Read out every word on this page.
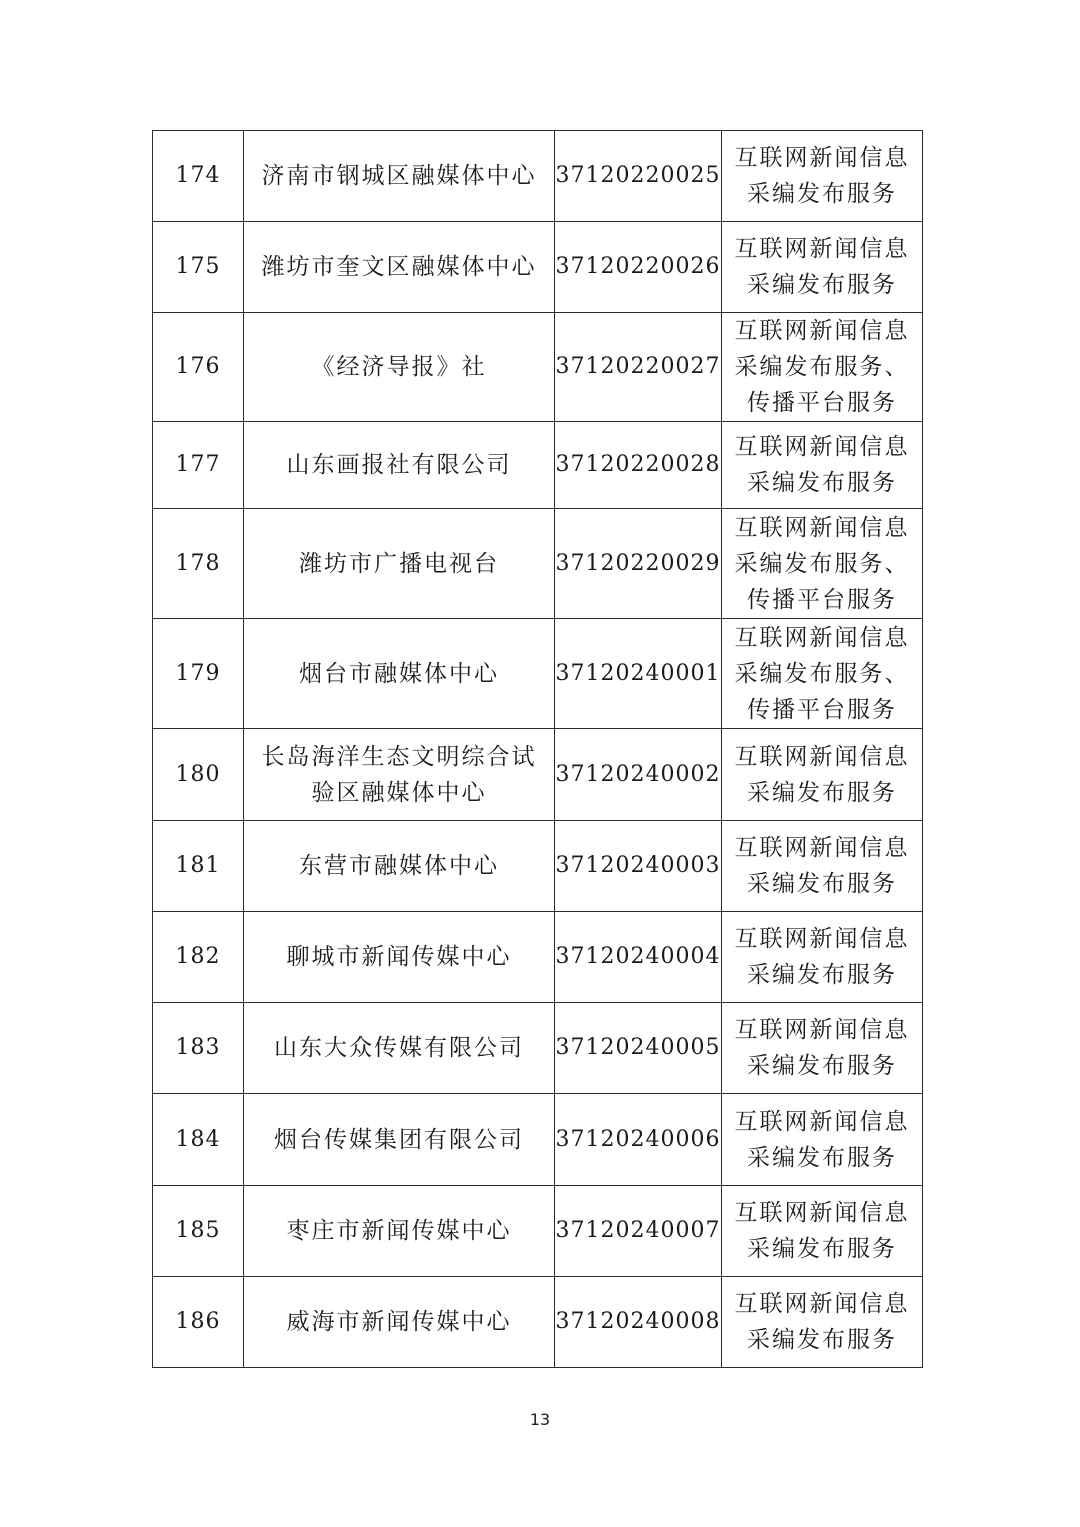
174	济南市钢城区融媒体中心	37120220025	互联网新闻信息采编发布服务
175	潍坊市奎文区融媒体中心	37120220026	互联网新闻信息采编发布服务
176	《经济导报》社	37120220027	互联网新闻信息采编发布服务、传播平台服务
177	山东画报社有限公司	37120220028	互联网新闻信息采编发布服务
178	潍坊市广播电视台	37120220029	互联网新闻信息采编发布服务、传播平台服务
179	烟台市融媒体中心	37120240001	互联网新闻信息采编发布服务、传播平台服务
180	长岛海洋生态文明综合试验区融媒体中心	37120240002	互联网新闻信息采编发布服务
181	东营市融媒体中心	37120240003	互联网新闻信息采编发布服务
182	聊城市新闻传媒中心	37120240004	互联网新闻信息采编发布服务
183	山东大众传媒有限公司	37120240005	互联网新闻信息采编发布服务
184	烟台传媒集团有限公司	37120240006	互联网新闻信息采编发布服务
185	枣庄市新闻传媒中心	37120240007	互联网新闻信息采编发布服务
186	威海市新闻传媒中心	37120240008	互联网新闻信息采编发布服务
13
